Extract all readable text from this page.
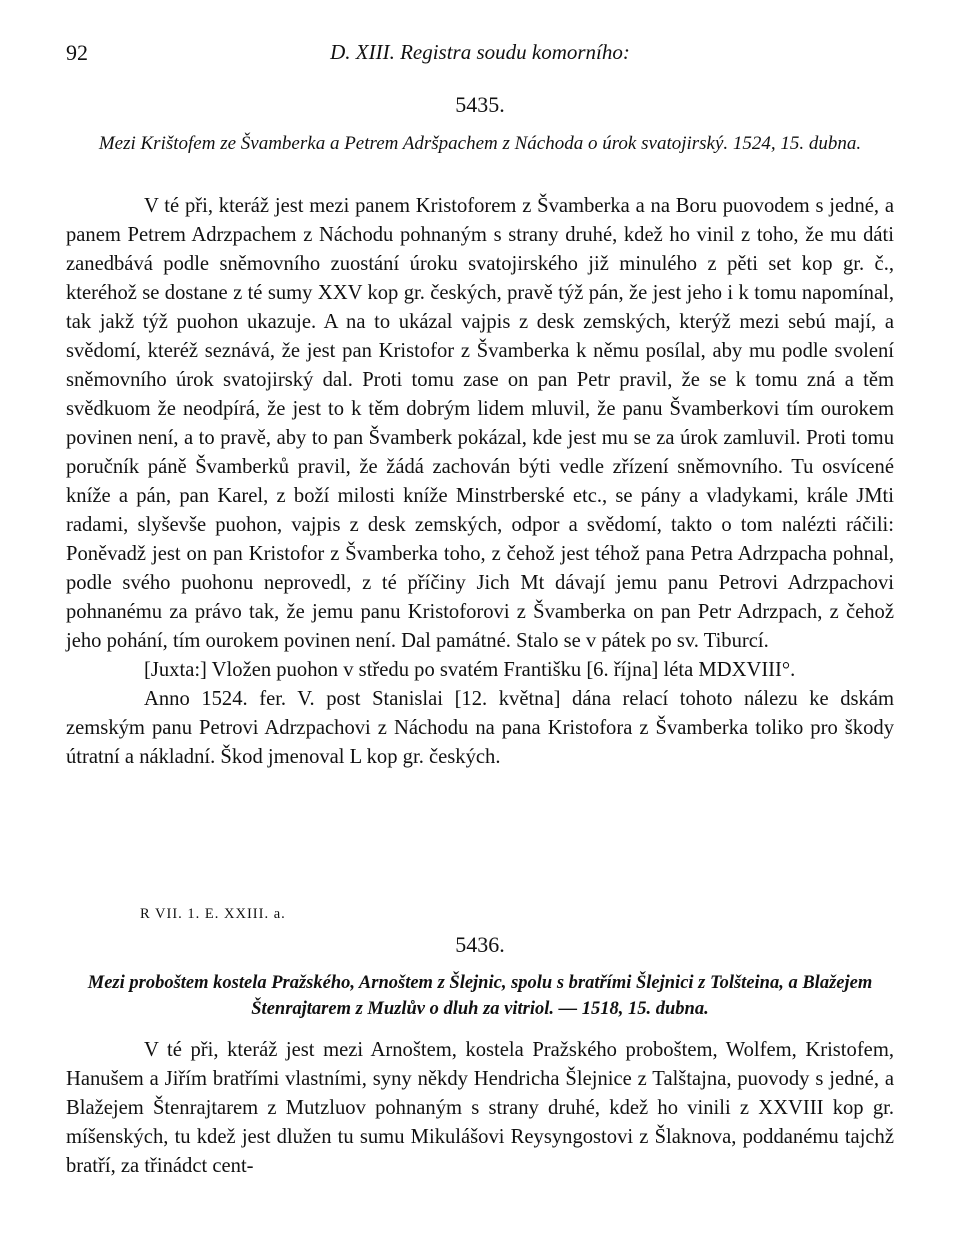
92	D. XIII. Registra soudu komorního:
5435.
Mezi Krištofem ze Švamberka a Petrem Adršpachem z Náchoda o úrok svatojirský. 1524, 15. dubna.

V té při, kteráž jest mezi panem Kristoforem z Švamberka a na Boru puovodem s jedné, a panem Petrem Adrzpachem z Náchodu pohnaným s strany druhé, kdež ho vinil z toho, že mu dáti zanedbává podle sněmovního zuostání úroku svatojirského již minulého z pěti set kop gr. č., kteréhož se dostane z té sumy XXV kop gr. českých, pravě týž pán, že jest jeho i k tomu napomínal, tak jakž týž puohon ukazuje. A na to ukázal vajpis z desk zemských, kterýž mezi sebú mají, a svědomí, kteréž seznává, že jest pan Kristofor z Švamberka k němu posílal, aby mu podle svolení sněmovního úrok svatojirský dal. Proti tomu zase on pan Petr pravil, že se k tomu zná a těm svědkuom že neodpírá, že jest to k těm dobrým lidem mluvil, že panu Švamberkovi tím ourokem povinen není, a to pravě, aby to pan Švamberk pokázal, kde jest mu se za úrok zamluvil. Proti tomu poručník páně Švamberků pravil, že žádá zachován býti vedle zřízení sněmovního. Tu osvícené kníže a pán, pan Karel, z boží milosti kníže Minstrberské etc., se pány a vladykami, krále JMti radami, slyševše puohon, vajpis z desk zemských, odpor a svědomí, takto o tom nalézti ráčili: Poněvadž jest on pan Kristofor z Švamberka toho, z čehož jest téhož pana Petra Adrzpacha pohnal, podle svého puohonu neprovedl, z té příčiny Jich Mt dávají jemu panu Petrovi Adrzpachovi pohnanému za právo tak, že jemu panu Kristoforovi z Švamberka on pan Petr Adrzpach, z čehož jeho pohání, tím ourokem povinen není. Dal památné. Stalo se v pátek po sv. Tiburcí.

[Juxta:] Vložen puohon v středu po svatém Františku [6. října] léta MDXVIII°.

Anno 1524. fer. V. post Stanislai [12. května] dána relací tohoto nálezu ke dskám zemským panu Petrovi Adrzpachovi z Náchodu na pana Kristofora z Švamberka toliko pro škody útratní a nákladní. Škod jmenoval L kop gr. českých.

R VII. 1. E. XXIII. a.
5436.
Mezi proboštem kostela Pražského, Arnoštem z Šlejnic, spolu s bratřími Šlejnici z Tolšteina, a Blažejem Štenrajtarem z Muzlův o dluh za vitriol. — 1518, 15. dubna.

V té při, kteráž jest mezi Arnoštem, kostela Pražského proboštem, Wolfem, Kristofem, Hanušem a Jiřím bratřími vlastními, syny někdy Hendricha Šlejnice z Talštajna, puovody s jedné, a Blažejem Štenrajtarem z Mutzluov pohnaným s strany druhé, kdež ho vinili z XXVIII kop gr. míšenských, tu kdež jest dlužen tu sumu Mikulášovi Reysyngostovi z Šlaknova, poddanému tajchž bratří, za třinádct cent-
